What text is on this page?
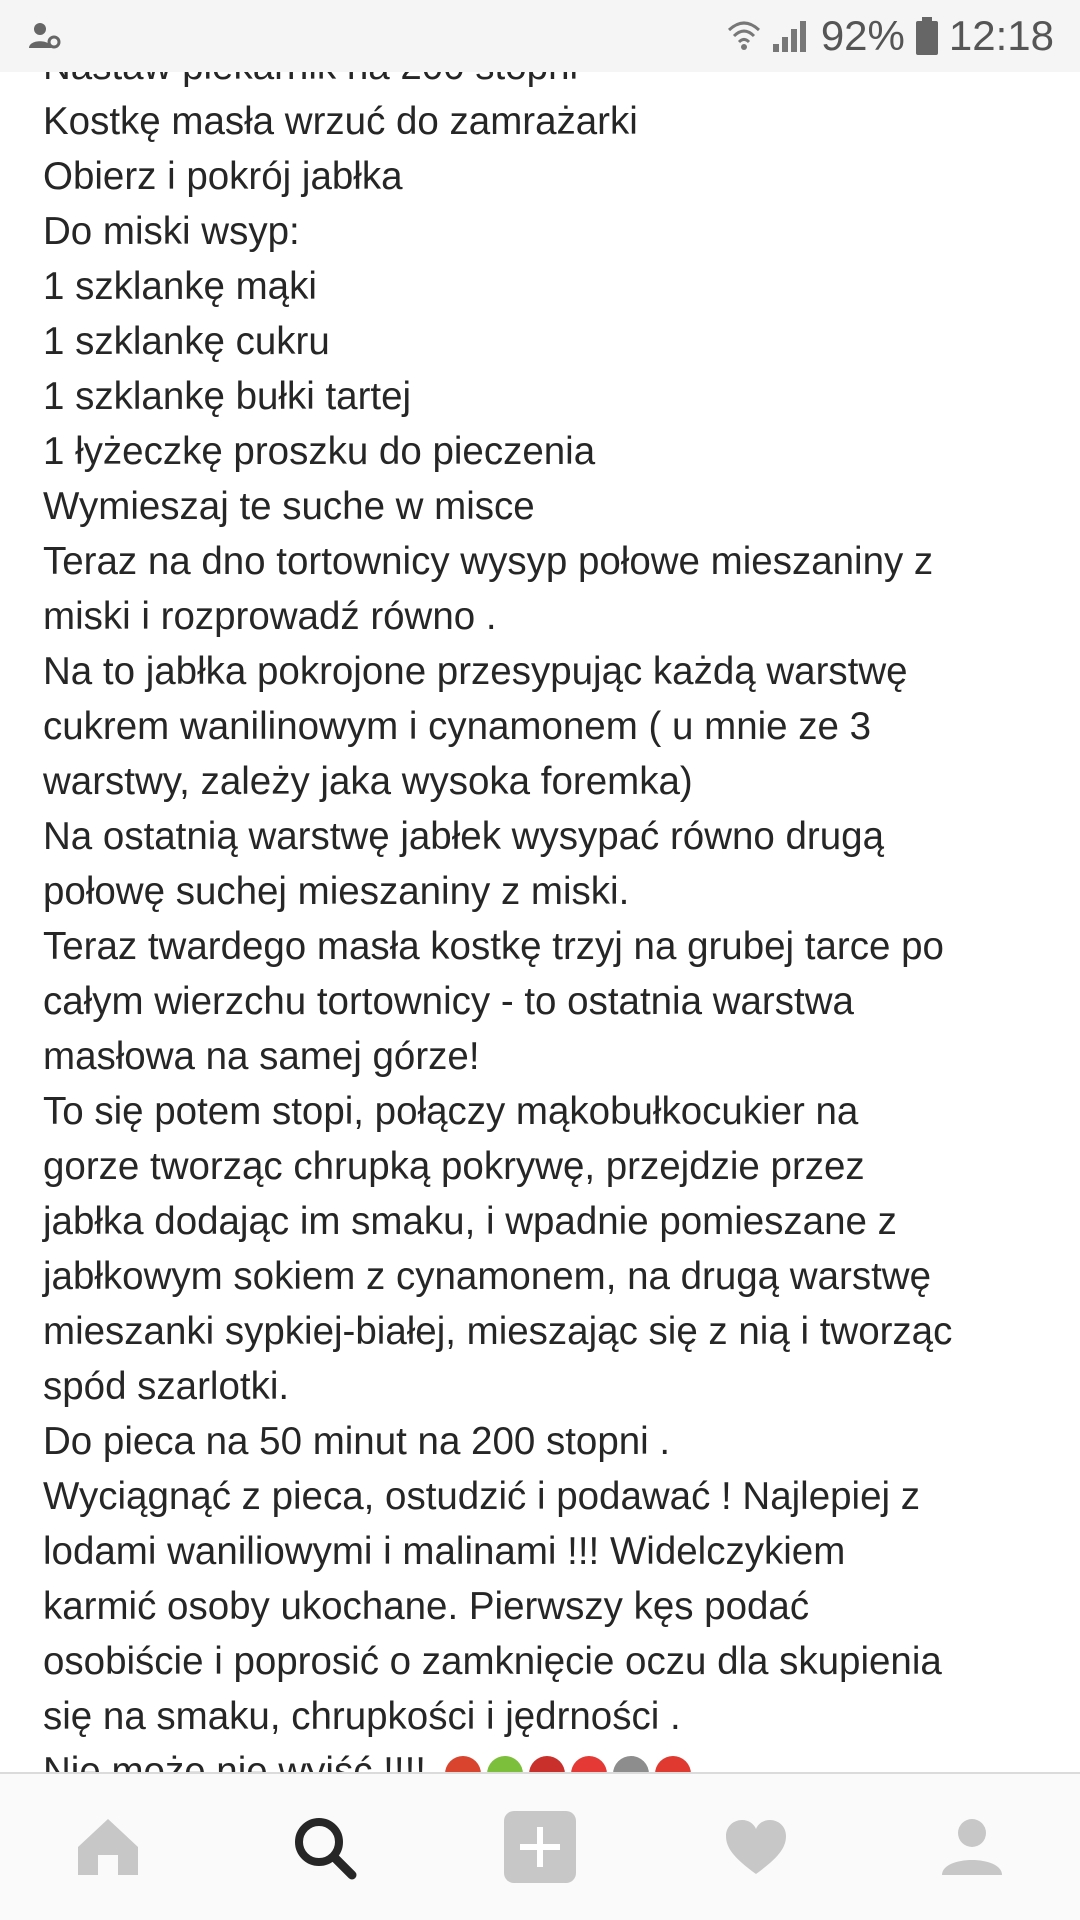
92% 12:18
Kostkę masła wrzuć do zamrażarki
Obierz i pokrój jabłka
Do miski wsyp:
1 szklankę mąki
1 szklankę cukru
1 szklankę bułki tartej
1 łyżeczkę proszku do pieczenia
Wymieszaj te suche w misce
Teraz na dno tortownicy wysyp połowe mieszaniny z
miski i rozprowadź równo .
Na to jabłka pokrojone przesypując każdą warstwę
cukrem wanilinowym i cynamonem ( u mnie ze 3
warstwy, zależy jaka wysoka foremka)
Na ostatnią warstwę jabłek wysypać równo drugą
połowę suchej mieszaniny z miski.
Teraz twardego masła kostkę trzyj na grubej tarce po
całym wierzchu tortownicy - to ostatnia warstwa
masłowa na samej górze!
To się potem stopi, połączy mąkobułkocukier na
gorze tworząc chrupką pokrywę, przejdzie przez
jabłka dodając im smaku, i wpadnie pomieszane z
jabłkowym sokiem z cynamonem, na drugą warstwę
mieszanki sypkiej-białej, mieszając się z nią i tworząc
spód szarlotki.
Do pieca na 50 minut na 200 stopni .
Wyciągnąć z pieca, ostudzić i podawać ! Najlepiej z
lodami waniliowymi i malinami !!! Widelczykiem
karmić osoby ukochane. Pierwszy kęs podać
osobiście i poprosić o zamknięcie oczu dla skupienia
się na smaku, chrupkości i jędrności .
